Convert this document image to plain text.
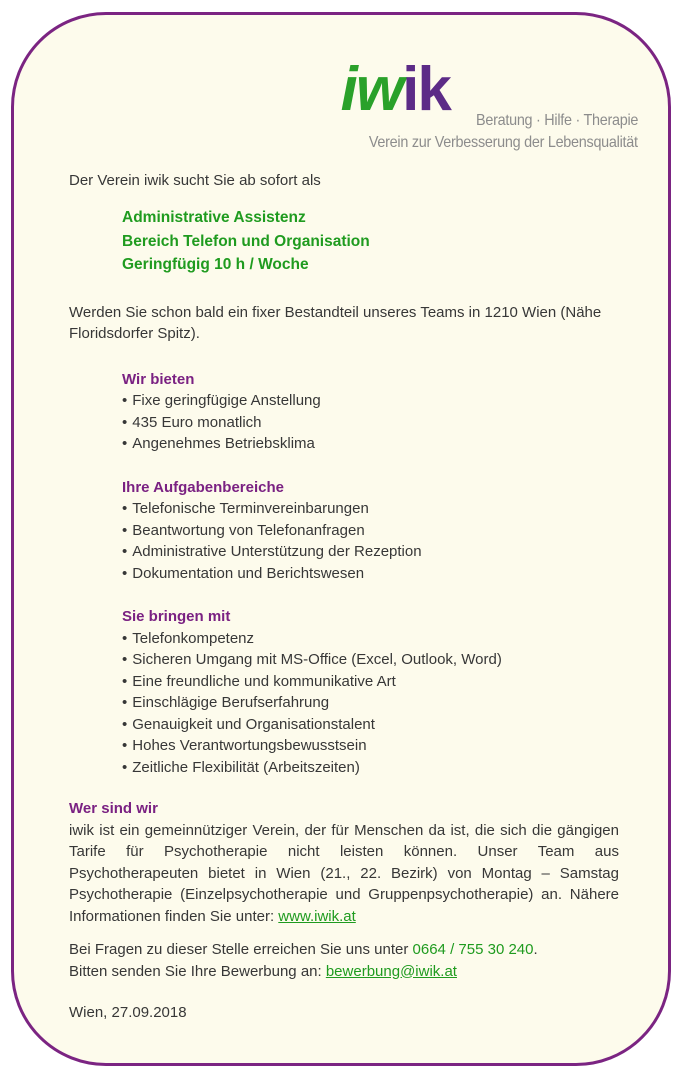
iwik Beratung · Hilfe · Therapie
Verein zur Verbesserung der Lebensqualität

Der Verein iwik sucht Sie ab sofort als

Administrative Assistenz
Bereich Telefon und Organisation
Geringfügig 10 h / Woche

Werden Sie schon bald ein fixer Bestandteil unseres Teams in 1210 Wien (Nähe Floridsdorfer Spitz).

Wir bieten
• Fixe geringfügige Anstellung
• 435 Euro monatlich
• Angenehmes Betriebsklima
Ihre Aufgabenbereiche
• Telefonische Terminvereinbarungen
• Beantwortung von Telefonanfragen
• Administrative Unterstützung der Rezeption
• Dokumentation und Berichtswesen
Sie bringen mit
• Telefonkompetenz
• Sicheren Umgang mit MS-Office (Excel, Outlook, Word)
• Eine freundliche und kommunikative Art
• Einschlägige Berufserfahrung
• Genauigkeit und Organisationstalent
• Hohes Verantwortungsbewusstsein
• Zeitliche Flexibilität (Arbeitszeiten)
Wer sind wir

iwik ist ein gemeinnütziger Verein, der für Menschen da ist, die sich die gängigen Tarife für Psychotherapie nicht leisten können. Unser Team aus Psychotherapeuten bietet in Wien (21., 22. Bezirk) von Montag – Samstag Psychotherapie (Einzelpsychotherapie und Gruppenpsychotherapie) an. Nähere Informationen finden Sie unter: www.iwik.at

Bei Fragen zu dieser Stelle erreichen Sie uns unter 0664 / 755 30 240.

Bitten senden Sie Ihre Bewerbung an: bewerbung@iwik.at

Wien, 27.09.2018
